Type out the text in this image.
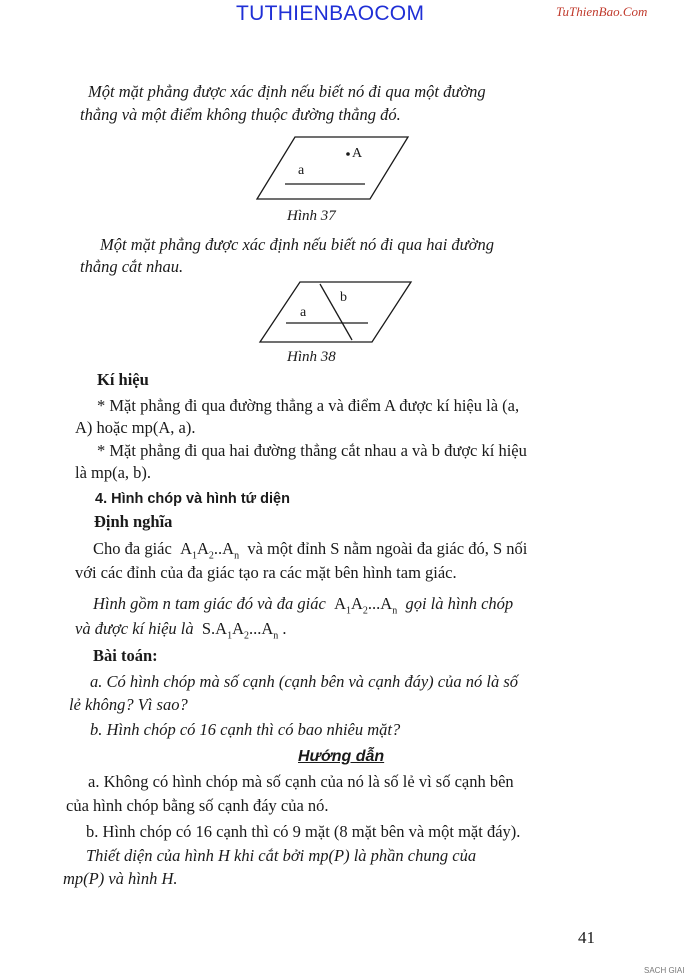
TUTHIENBAOCOM	TuThienBao.Com
Một mặt phẳng được xác định nếu biết nó đi qua một đường
thẳng và một điểm không thuộc đường thẳng đó.
A
a
Hình 37
Một mặt phẳng được xác định nếu biết nó đi qua hai đường
thẳng cắt nhau.
a
b
Hình 38
Kí hiệu
* Mặt phẳng đi qua đường thẳng a và điểm A được kí hiệu là (a,
A) hoặc mp(A, a).
* Mặt phẳng đi qua hai đường thẳng cắt nhau a và b được kí hiệu
là mp(a, b).
4. Hình chóp và hình tứ diện
Định nghĩa
Cho đa giác  $A_1A_2..A_n$ và một đỉnh S nằm ngoài đa giác đó, S nối
với các đỉnh của đa giác tạo ra các mặt bên hình tam giác.
Hình gồm n tam giác đó và đa giác  $A_1A_2...A_n$ gọi là hình chóp
và được kí hiệu là  $S.A_1A_2...A_n$ .
Bài toán:
a. Có hình chóp mà số cạnh (cạnh bên và cạnh đáy) của nó là số
lẻ không? Vì sao?
b. Hình chóp có 16 cạnh thì có bao nhiêu mặt?
Hướng dẫn
a. Không có hình chóp mà số cạnh của nó là số lẻ vì số cạnh bên
của hình chóp bằng số cạnh đáy của nó.
b. Hình chóp có 16 cạnh thì có 9 mặt (8 mặt bên và một mặt đáy).
Thiết diện của hình H khi cắt bởi mp(P) là phần chung của
mp(P) và hình H.
41
SACH GIAI
